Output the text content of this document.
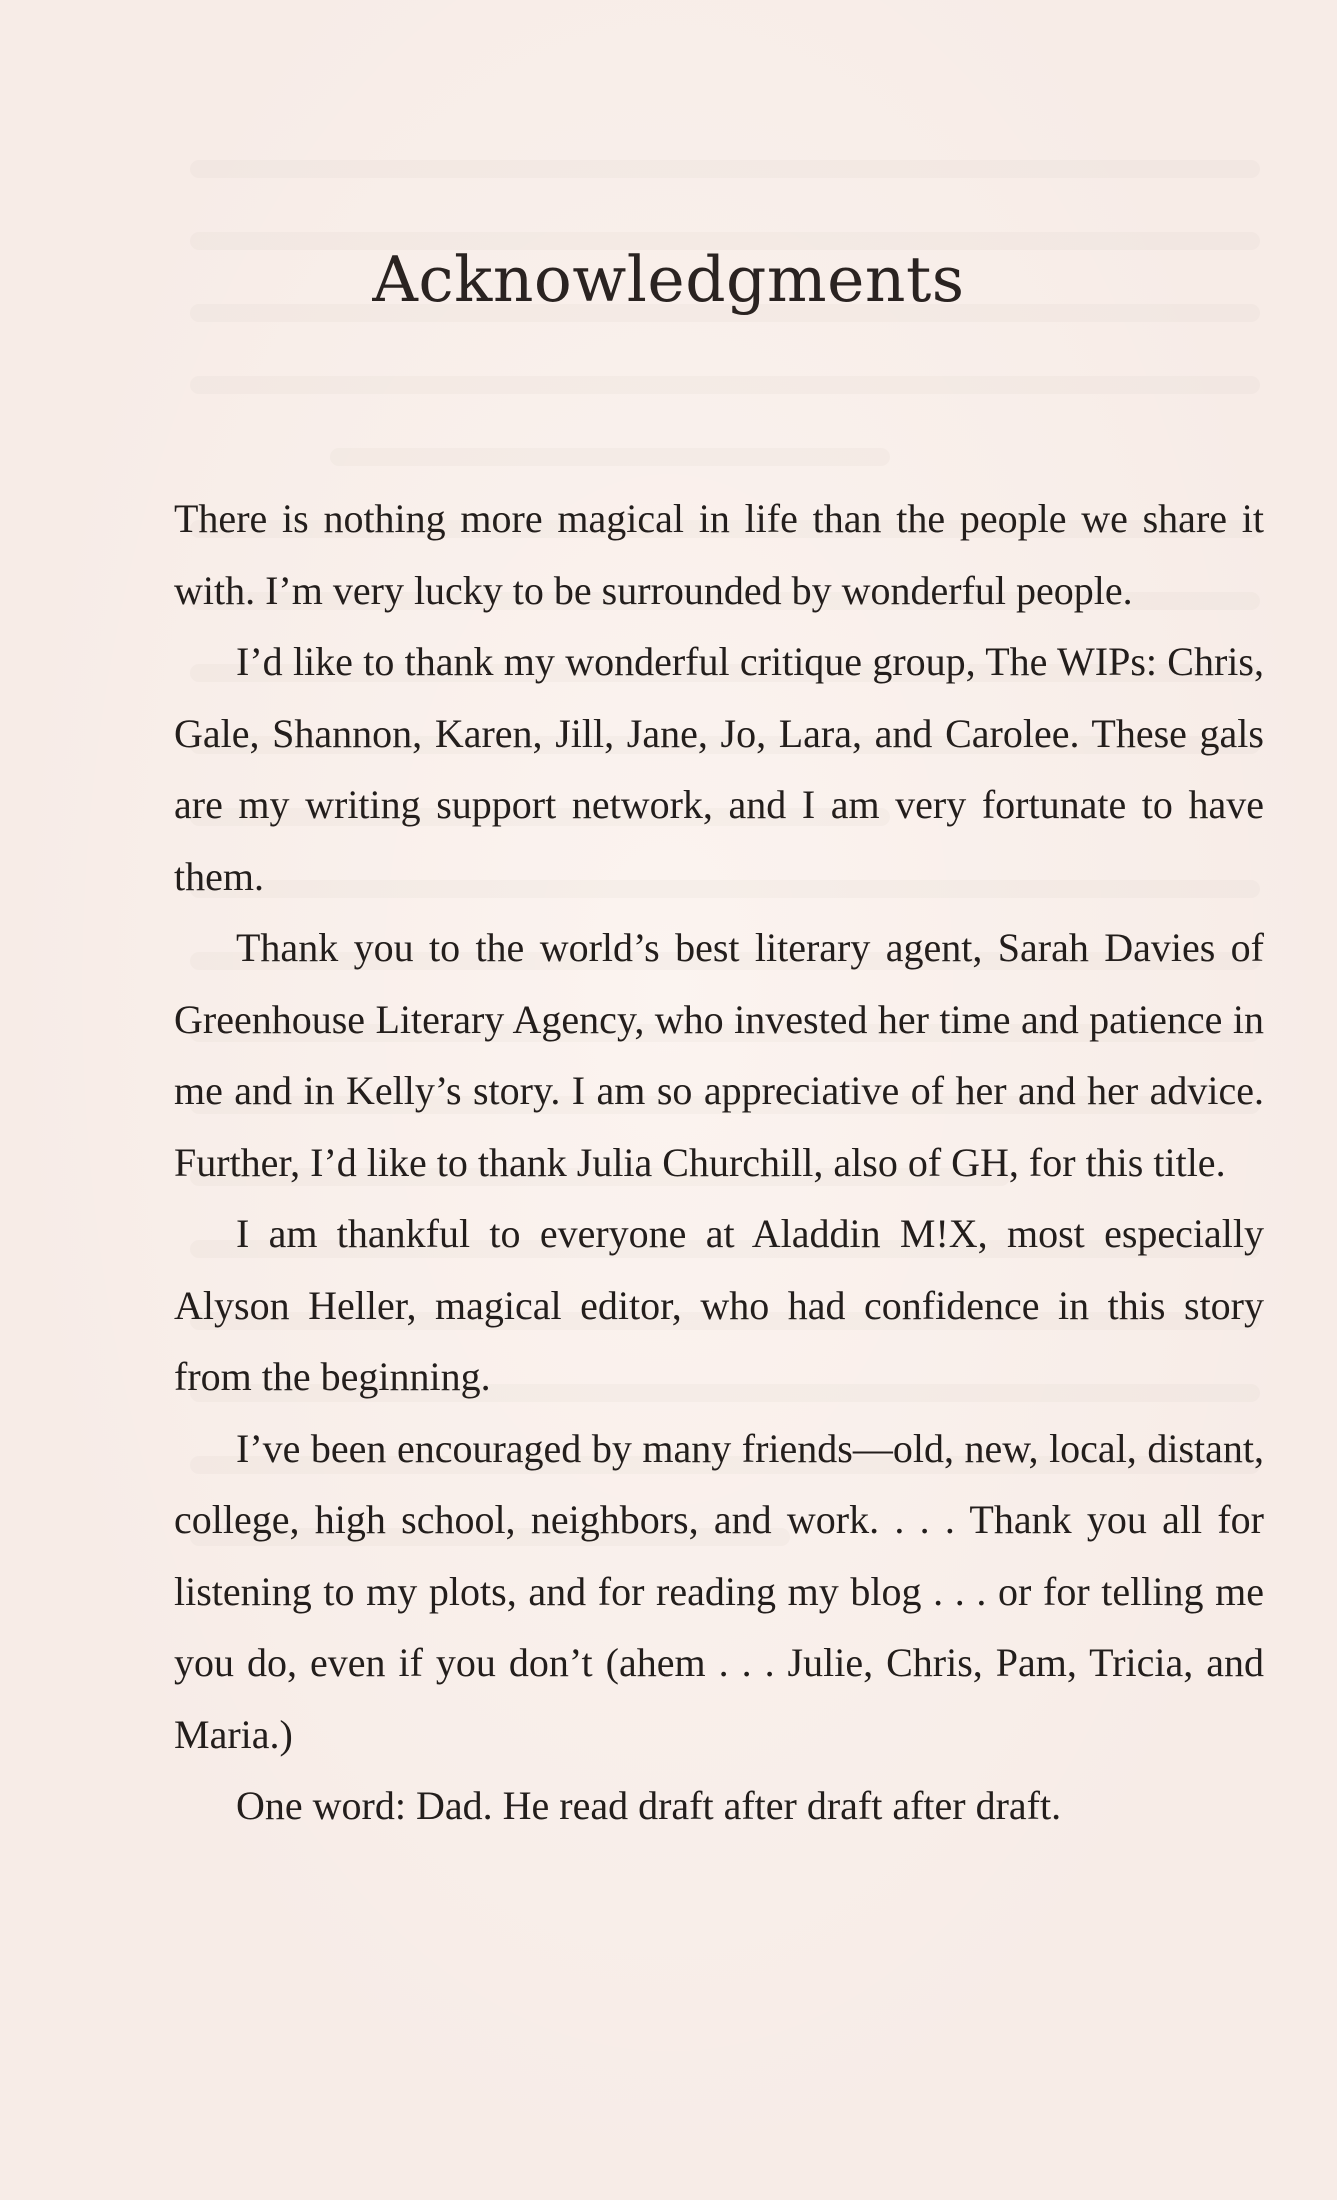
Acknowledgments

There is nothing more magical in life than the people we share it with. I’m very lucky to be surrounded by wonderful people.

I’d like to thank my wonderful critique group, The WIPs: Chris, Gale, Shannon, Karen, Jill, Jane, Jo, Lara, and Carolee. These gals are my writing support network, and I am very fortunate to have them.

Thank you to the world’s best literary agent, Sarah Davies of Greenhouse Literary Agency, who invested her time and patience in me and in Kelly’s story. I am so appreciative of her and her advice. Further, I’d like to thank Julia Churchill, also of GH, for this title.

I am thankful to everyone at Aladdin M!X, most especially Alyson Heller, magical editor, who had confidence in this story from the beginning.

I’ve been encouraged by many friends—old, new, local, distant, college, high school, neighbors, and work. . . . Thank you all for listening to my plots, and for reading my blog . . . or for telling me you do, even if you don’t (ahem . . . Julie, Chris, Pam, Tricia, and Maria.)

One word: Dad. He read draft after draft after draft.
